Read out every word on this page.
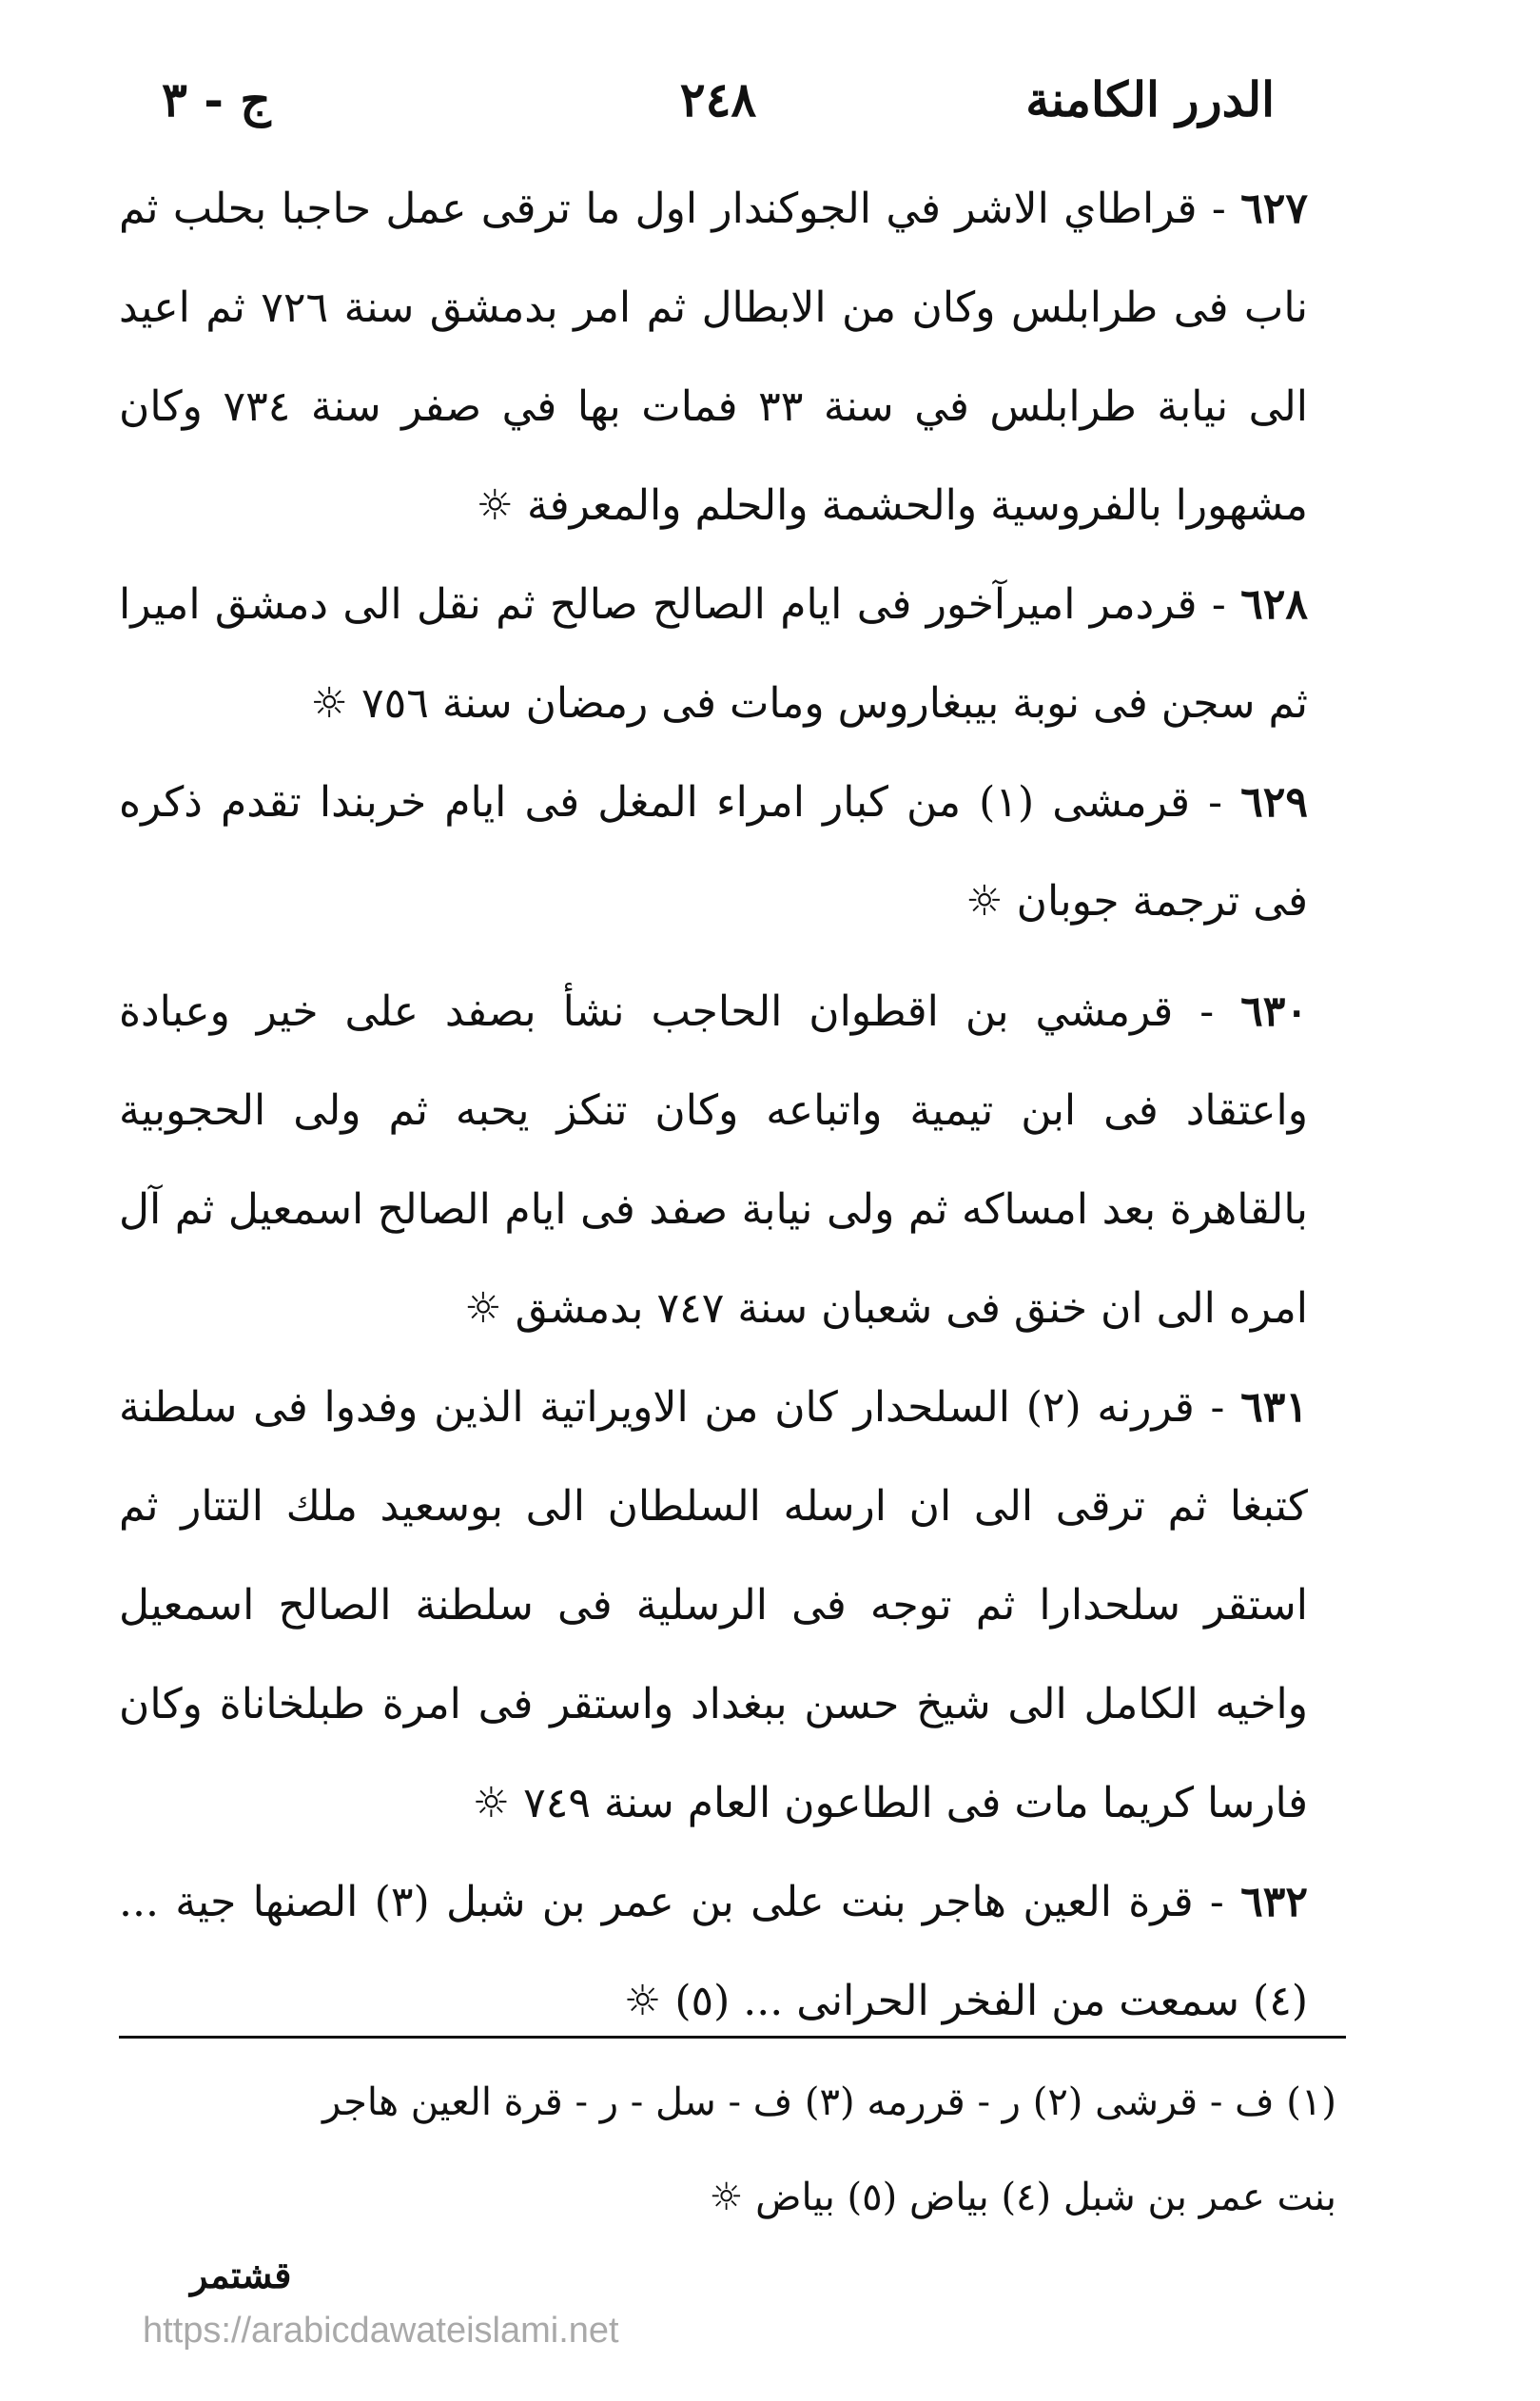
الدرر الكامنة
٢٤٨
ج - ٣

٦٢٧ - قراطاي الاشر في الجوكندار اول ما ترقى عمل حاجبا بحلب ثم ناب فى طرابلس وكان من الابطال ثم امر بدمشق سنة ٧٢٦ ثم اعيد الى نيابة طرابلس في سنة ٣٣ فمات بها في صفر سنة ٧٣٤ وكان مشهورا بالفروسية والحشمة والحلم والمعرفة ☼

٦٢٨ - قردمر اميرآخور فى ايام الصالح صالح ثم نقل الى دمشق اميرا ثم سجن فى نوبة بيبغاروس ومات فى رمضان سنة ٧٥٦ ☼

٦٢٩ - قرمشى (١) من كبار امراء المغل فى ايام خربندا تقدم ذكره فى ترجمة جوبان ☼

٦٣٠ - قرمشي بن اقطوان الحاجب نشأ بصفد على خير وعبادة واعتقاد فى ابن تيمية واتباعه وكان تنكز يحبه ثم ولى الحجوبية بالقاهرة بعد امساكه ثم ولى نيابة صفد فى ايام الصالح اسمعيل ثم آل امره الى ان خنق فى شعبان سنة ٧٤٧ بدمشق ☼

٦٣١ - قررنه (٢) السلحدار كان من الاويراتية الذين وفدوا فى سلطنة كتبغا ثم ترقى الى ان ارسله السلطان الى بوسعيد ملك التتار ثم استقر سلحدارا ثم توجه فى الرسلية فى سلطنة الصالح اسمعيل واخيه الكامل الى شيخ حسن ببغداد واستقر فى امرة طبلخاناة وكان فارسا كريما مات فى الطاعون العام سنة ٧٤٩ ☼

٦٣٢ - قرة العين هاجر بنت على بن عمر بن شبل (٣) الصنها جية ...(٤) سمعت من الفخر الحرانى ... (٥) ☼

(١) ف - قرشى (٢) ر - قررمه (٣) ف - سل - ر - قرة العين هاجر

بنت عمر بن شبل (٤) بياض (٥) بياض ☼

قشتمر
https://arabicdawateislami.net
